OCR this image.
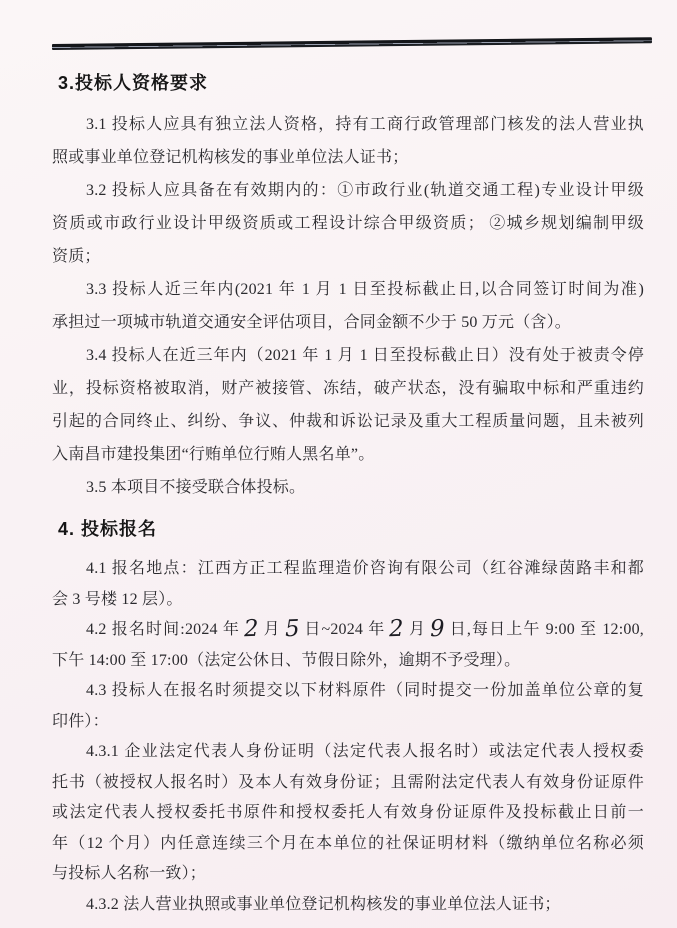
3.投标人资格要求
3.1 投标人应具有独立法人资格，持有工商行政管理部门核发的法人营业执
照或事业单位登记机构核发的事业单位法人证书；
3.2 投标人应具备在有效期内的：①市政行业(轨道交通工程)专业设计甲级
资质或市政行业设计甲级资质或工程设计综合甲级资质； ②城乡规划编制甲级
资质；
3.3 投标人近三年内(2021 年 1 月 1 日至投标截止日,以合同签订时间为准)
承担过一项城市轨道交通安全评估项目，合同金额不少于 50 万元（含）。
3.4 投标人在近三年内（2021 年 1 月 1 日至投标截止日）没有处于被责令停
业，投标资格被取消，财产被接管、冻结，破产状态，没有骗取中标和严重违约
引起的合同终止、纠纷、争议、仲裁和诉讼记录及重大工程质量问题，且未被列
入南昌市建投集团“行贿单位行贿人黑名单”。
3.5 本项目不接受联合体投标。
4. 投标报名
4.1 报名地点：江西方正工程监理造价咨询有限公司（红谷滩绿茵路丰和都
会 3 号楼 12 层）。
4.2 报名时间:2024 年 2 月 5 日~2024 年 2 月 9 日,每日上午 9:00 至 12:00,
下午 14:00 至 17:00（法定公休日、节假日除外，逾期不予受理）。
4.3 投标人在报名时须提交以下材料原件（同时提交一份加盖单位公章的复
印件）：
4.3.1 企业法定代表人身份证明（法定代表人报名时）或法定代表人授权委
托书（被授权人报名时）及本人有效身份证；且需附法定代表人有效身份证原件
或法定代表人授权委托书原件和授权委托人有效身份证原件及投标截止日前一
年（12 个月）内任意连续三个月在本单位的社保证明材料（缴纳单位名称必须
与投标人名称一致）；
4.3.2 法人营业执照或事业单位登记机构核发的事业单位法人证书；
